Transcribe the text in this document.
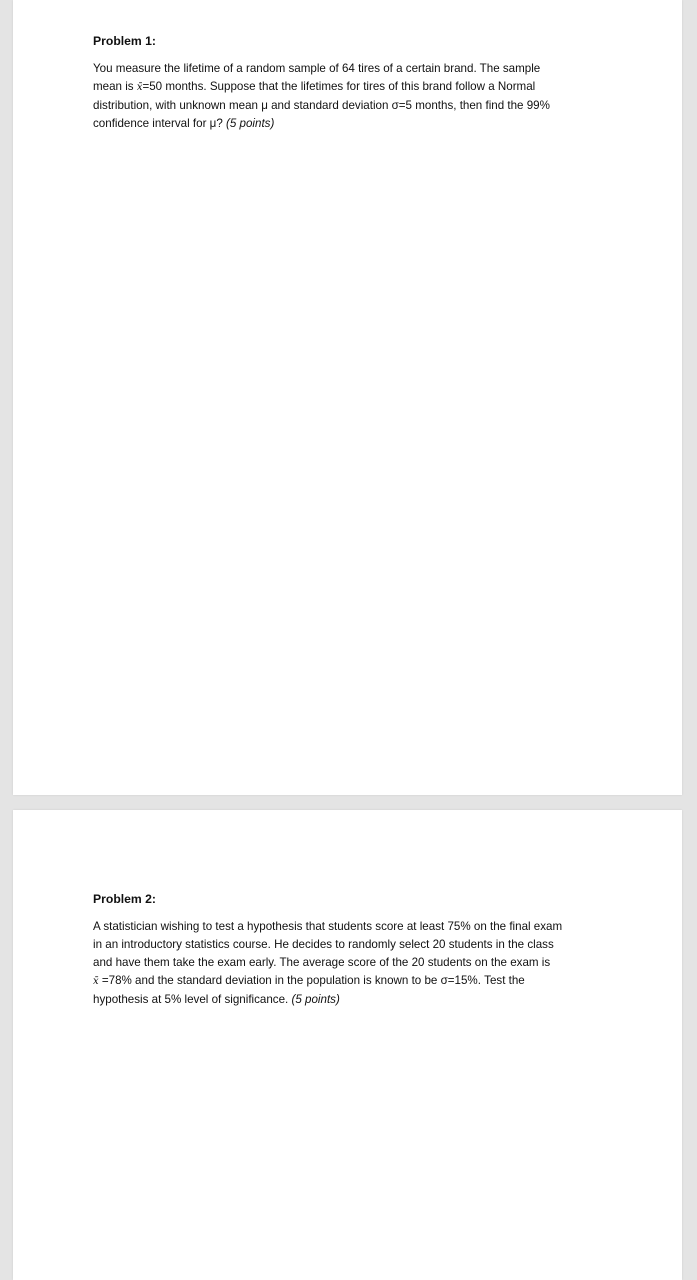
Problem 1:
You measure the lifetime of a random sample of 64 tires of a certain brand. The sample
mean is x̄=50 months. Suppose that the lifetimes for tires of this brand follow a Normal
distribution, with unknown mean μ and standard deviation σ=5 months, then find the 99%
confidence interval for μ? (5 points)
Problem 2:
A statistician wishing to test a hypothesis that students score at least 75% on the final exam
in an introductory statistics course. He decides to randomly select 20 students in the class
and have them take the exam early. The average score of the 20 students on the exam is
x̄ =78% and the standard deviation in the population is known to be σ=15%. Test the
hypothesis at 5% level of significance. (5 points)
